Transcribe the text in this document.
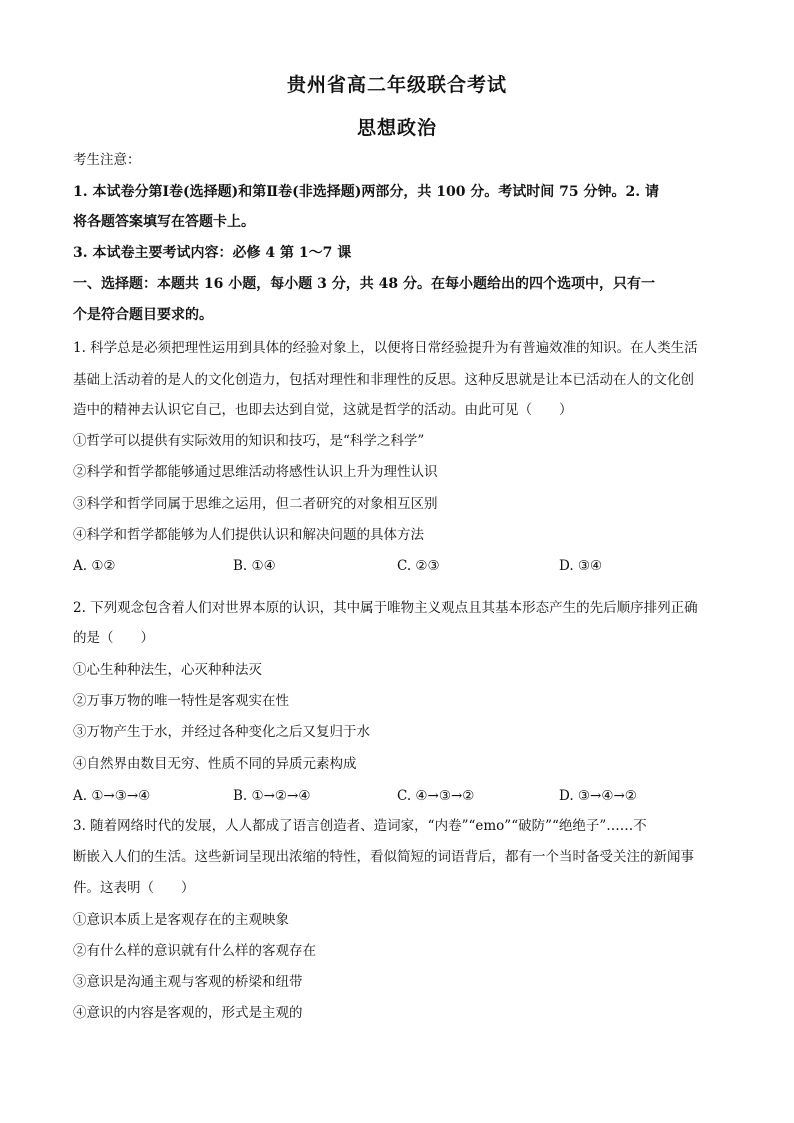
贵州省高二年级联合考试
思想政治
考生注意：
1. 本试卷分第Ⅰ卷(选择题)和第Ⅱ卷(非选择题)两部分，共 100 分。考试时间 75 分钟。2. 请
将各题答案填写在答题卡上。
3. 本试卷主要考试内容：必修 4 第 1～7 课
一、选择题：本题共 16 小题，每小题 3 分，共 48 分。在每小题给出的四个选项中，只有一
个是符合题目要求的。
1. 科学总是必须把理性运用到具体的经验对象上，以便将日常经验提升为有普遍效准的知识。在人类生活
基础上活动着的是人的文化创造力，包括对理性和非理性的反思。这种反思就是让本已活动在人的文化创
造中的精神去认识它自己，也即去达到自觉，这就是哲学的活动。由此可见（　　）
①哲学可以提供有实际效用的知识和技巧，是“科学之科学”
②科学和哲学都能够通过思维活动将感性认识上升为理性认识
③科学和哲学同属于思维之运用，但二者研究的对象相互区别
④科学和哲学都能够为人们提供认识和解决问题的具体方法
A. ①②	B. ①④	C. ②③	D. ③④
2. 下列观念包含着人们对世界本原的认识，其中属于唯物主义观点且其基本形态产生的先后顺序排列正确
的是（　　）
①心生种种法生，心灭种种法灭
②万事万物的唯一特性是客观实在性
③万物产生于水，并经过各种变化之后又复归于水
④自然界由数目无穷、性质不同的异质元素构成
A. ①→③→④	B. ①→②→④	C. ④→③→②	D. ③→④→②
3. 随着网络时代的发展，人人都成了语言创造者、造词家，“内卷”“emo”“破防”“绝绝子”……不
断嵌入人们的生活。这些新词呈现出浓缩的特性，看似简短的词语背后，都有一个当时备受关注的新闻事
件。这表明（　　）
①意识本质上是客观存在的主观映象
②有什么样的意识就有什么样的客观存在
③意识是沟通主观与客观的桥梁和纽带
④意识的内容是客观的，形式是主观的
